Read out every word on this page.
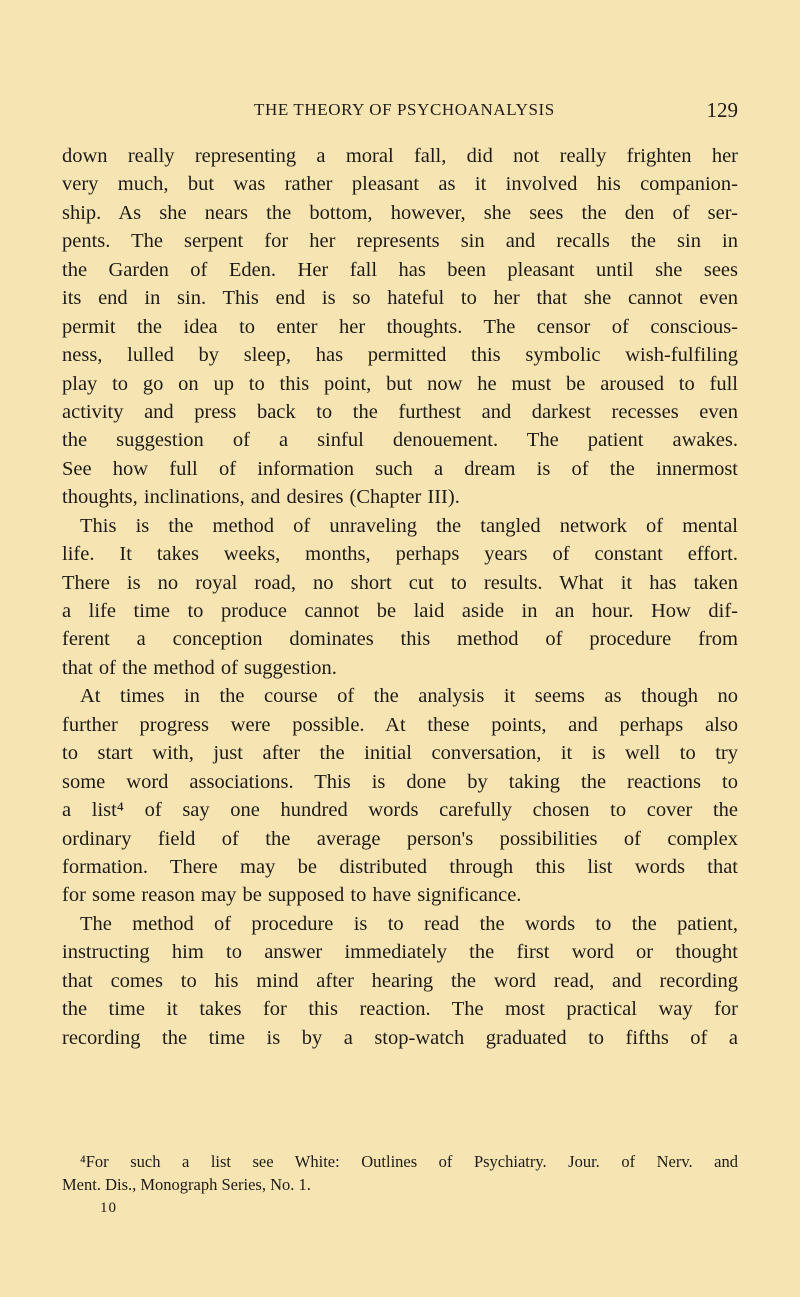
THE THEORY OF PSYCHOANALYSIS	129
down really representing a moral fall, did not really frighten her
very much, but was rather pleasant as it involved his companion-
ship. As she nears the bottom, however, she sees the den of ser-
pents. The serpent for her represents sin and recalls the sin in
the Garden of Eden. Her fall has been pleasant until she sees
its end in sin. This end is so hateful to her that she cannot even
permit the idea to enter her thoughts. The censor of conscious-
ness, lulled by sleep, has permitted this symbolic wish-fulfiling
play to go on up to this point, but now he must be aroused to full
activity and press back to the furthest and darkest recesses even
the suggestion of a sinful denouement. The patient awakes.
See how full of information such a dream is of the innermost
thoughts, inclinations, and desires (Chapter III).
This is the method of unraveling the tangled network of mental
life. It takes weeks, months, perhaps years of constant effort.
There is no royal road, no short cut to results. What it has taken
a life time to produce cannot be laid aside in an hour. How dif-
ferent a conception dominates this method of procedure from
that of the method of suggestion.
At times in the course of the analysis it seems as though no
further progress were possible. At these points, and perhaps also
to start with, just after the initial conversation, it is well to try
some word associations. This is done by taking the reactions to
a list⁴ of say one hundred words carefully chosen to cover the
ordinary field of the average person's possibilities of complex
formation. There may be distributed through this list words that
for some reason may be supposed to have significance.
The method of procedure is to read the words to the patient,
instructing him to answer immediately the first word or thought
that comes to his mind after hearing the word read, and recording
the time it takes for this reaction. The most practical way for
recording the time is by a stop-watch graduated to fifths of a
⁴For such a list see White: Outlines of Psychiatry. Jour. of Nerv. and
Ment. Dis., Monograph Series, No. 1.
10
